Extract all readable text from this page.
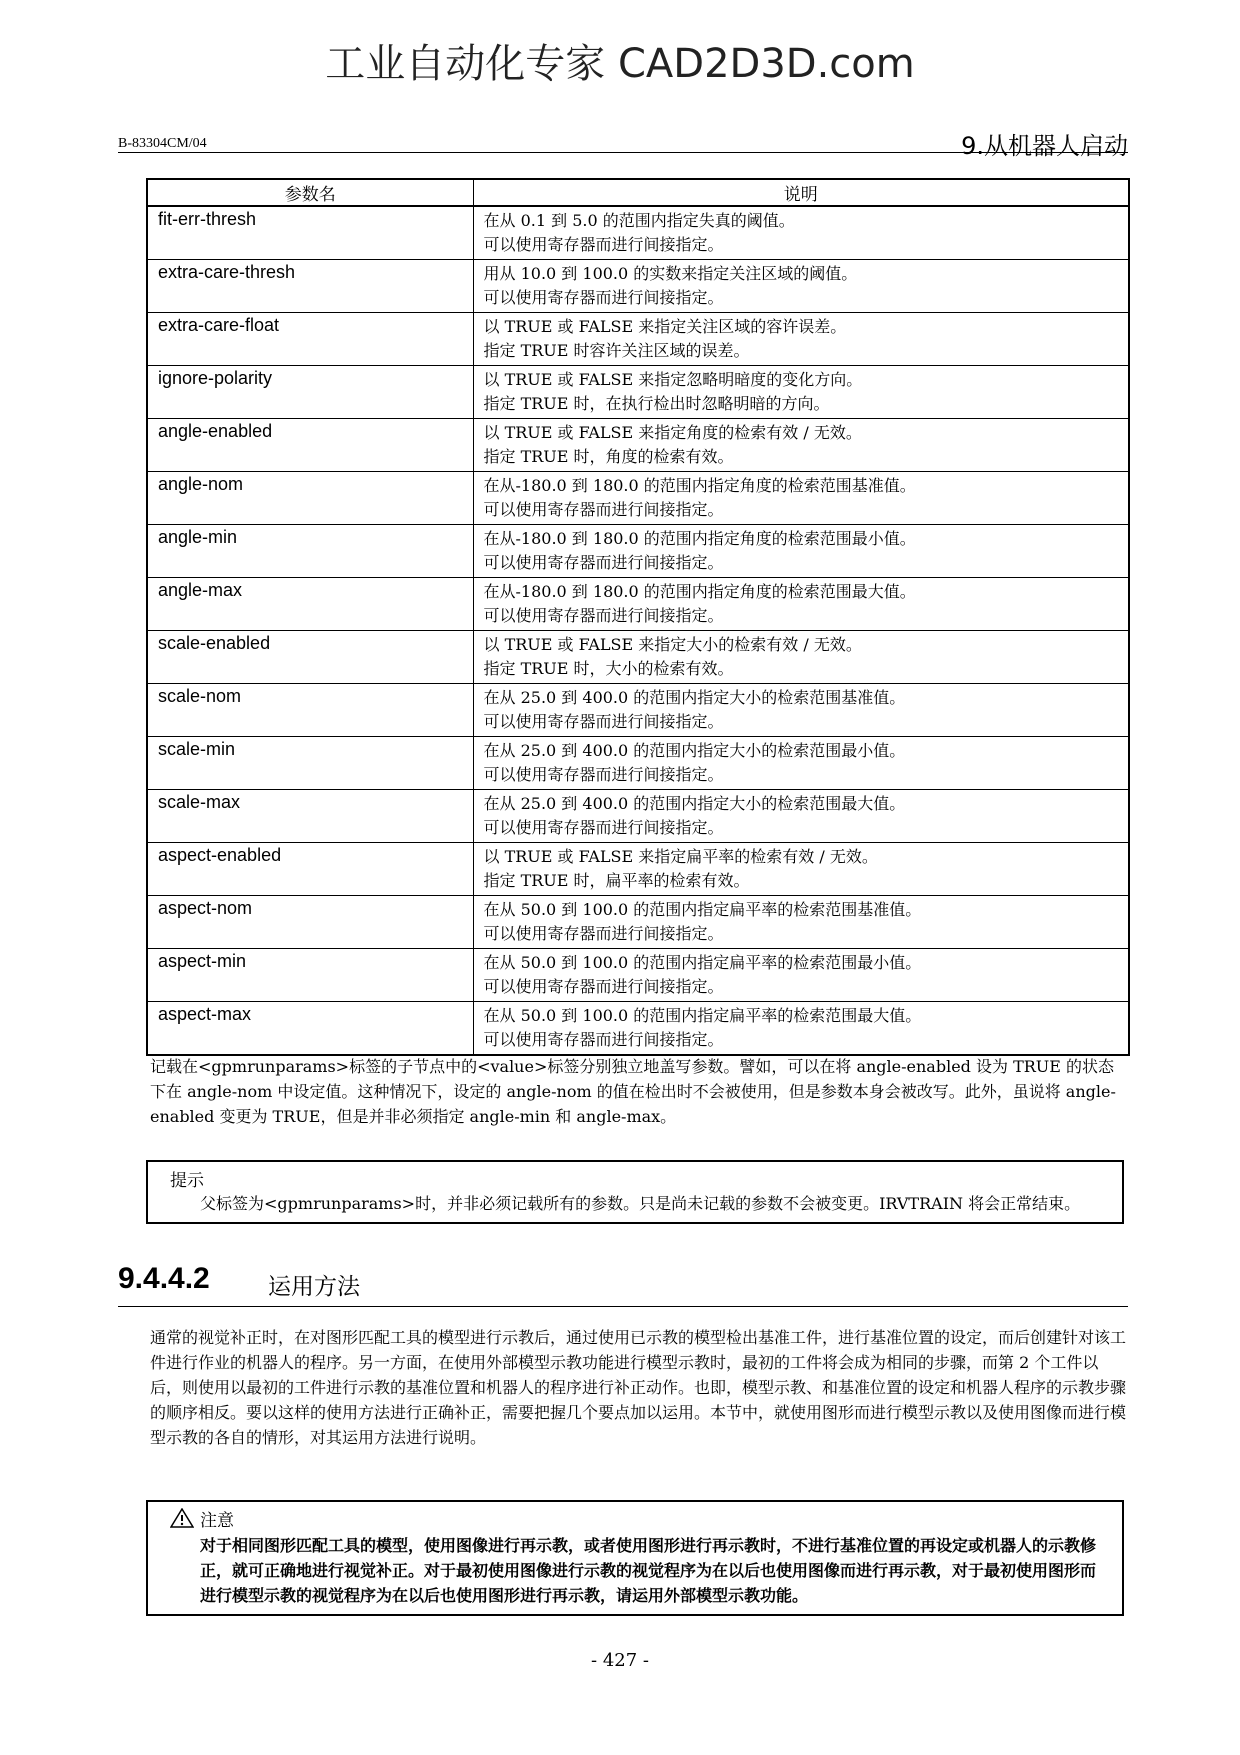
工业自动化专家 CAD2D3D.com
B-83304CM/04	9.从机器人启动
参数名	说明
fit-err-thresh	在从 0.1 到 5.0 的范围内指定失真的阈值。
可以使用寄存器而进行间接指定。

extra-care-thresh	用从 10.0 到 100.0 的实数来指定关注区域的阈值。
可以使用寄存器而进行间接指定。

extra-care-float	以 TRUE 或 FALSE 来指定关注区域的容许误差。
指定 TRUE 时容许关注区域的误差。

ignore-polarity	以 TRUE 或 FALSE 来指定忽略明暗度的变化方向。
指定 TRUE 时，在执行检出时忽略明暗的方向。

angle-enabled	以 TRUE 或 FALSE 来指定角度的检索有效 / 无效。
指定 TRUE 时，角度的检索有效。

angle-nom	在从-180.0 到 180.0 的范围内指定角度的检索范围基准值。
可以使用寄存器而进行间接指定。

angle-min	在从-180.0 到 180.0 的范围内指定角度的检索范围最小值。
可以使用寄存器而进行间接指定。

angle-max	在从-180.0 到 180.0 的范围内指定角度的检索范围最大值。
可以使用寄存器而进行间接指定。

scale-enabled	以 TRUE 或 FALSE 来指定大小的检索有效 / 无效。
指定 TRUE 时，大小的检索有效。

scale-nom	在从 25.0 到 400.0 的范围内指定大小的检索范围基准值。
可以使用寄存器而进行间接指定。

scale-min	在从 25.0 到 400.0 的范围内指定大小的检索范围最小值。
可以使用寄存器而进行间接指定。

scale-max	在从 25.0 到 400.0 的范围内指定大小的检索范围最大值。
可以使用寄存器而进行间接指定。

aspect-enabled	以 TRUE 或 FALSE 来指定扁平率的检索有效 / 无效。
指定 TRUE 时，扁平率的检索有效。

aspect-nom	在从 50.0 到 100.0 的范围内指定扁平率的检索范围基准值。
可以使用寄存器而进行间接指定。

aspect-min	在从 50.0 到 100.0 的范围内指定扁平率的检索范围最小值。
可以使用寄存器而进行间接指定。

aspect-max	在从 50.0 到 100.0 的范围内指定扁平率的检索范围最大值。
可以使用寄存器而进行间接指定。
记载在<gpmrunparams>标签的子节点中的<value>标签分别独立地盖写参数。譬如，可以在将 angle-enabled 设为 TRUE 的状态下在 angle-nom 中设定值。这种情况下，设定的 angle-nom 的值在检出时不会被使用，但是参数本身会被改写。此外，虽说将 angle-enabled 变更为 TRUE，但是并非必须指定 angle-min 和 angle-max。
提示
父标签为<gpmrunparams>时，并非必须记载所有的参数。只是尚未记载的参数不会被变更。IRVTRAIN 将会正常结束。
9.4.4.2	运用方法
通常的视觉补正时，在对图形匹配工具的模型进行示教后，通过使用已示教的模型检出基准工件，进行基准位置的设定，而后创建针对该工件进行作业的机器人的程序。另一方面，在使用外部模型示教功能进行模型示教时，最初的工件将会成为相同的步骤，而第 2 个工件以后，则使用以最初的工件进行示教的基准位置和机器人的程序进行补正动作。也即，模型示教、和基准位置的设定和机器人程序的示教步骤的顺序相反。要以这样的使用方法进行正确补正，需要把握几个要点加以运用。本节中，就使用图形而进行模型示教以及使用图像而进行模型示教的各自的情形，对其运用方法进行说明。
注意
对于相同图形匹配工具的模型，使用图像进行再示教，或者使用图形进行再示教时，不进行基准位置的再设定或机器人的示教修正，就可正确地进行视觉补正。对于最初使用图像进行示教的视觉程序为在以后也使用图像而进行再示教，对于最初使用图形而进行模型示教的视觉程序为在以后也使用图形进行再示教，请运用外部模型示教功能。
- 427 -
